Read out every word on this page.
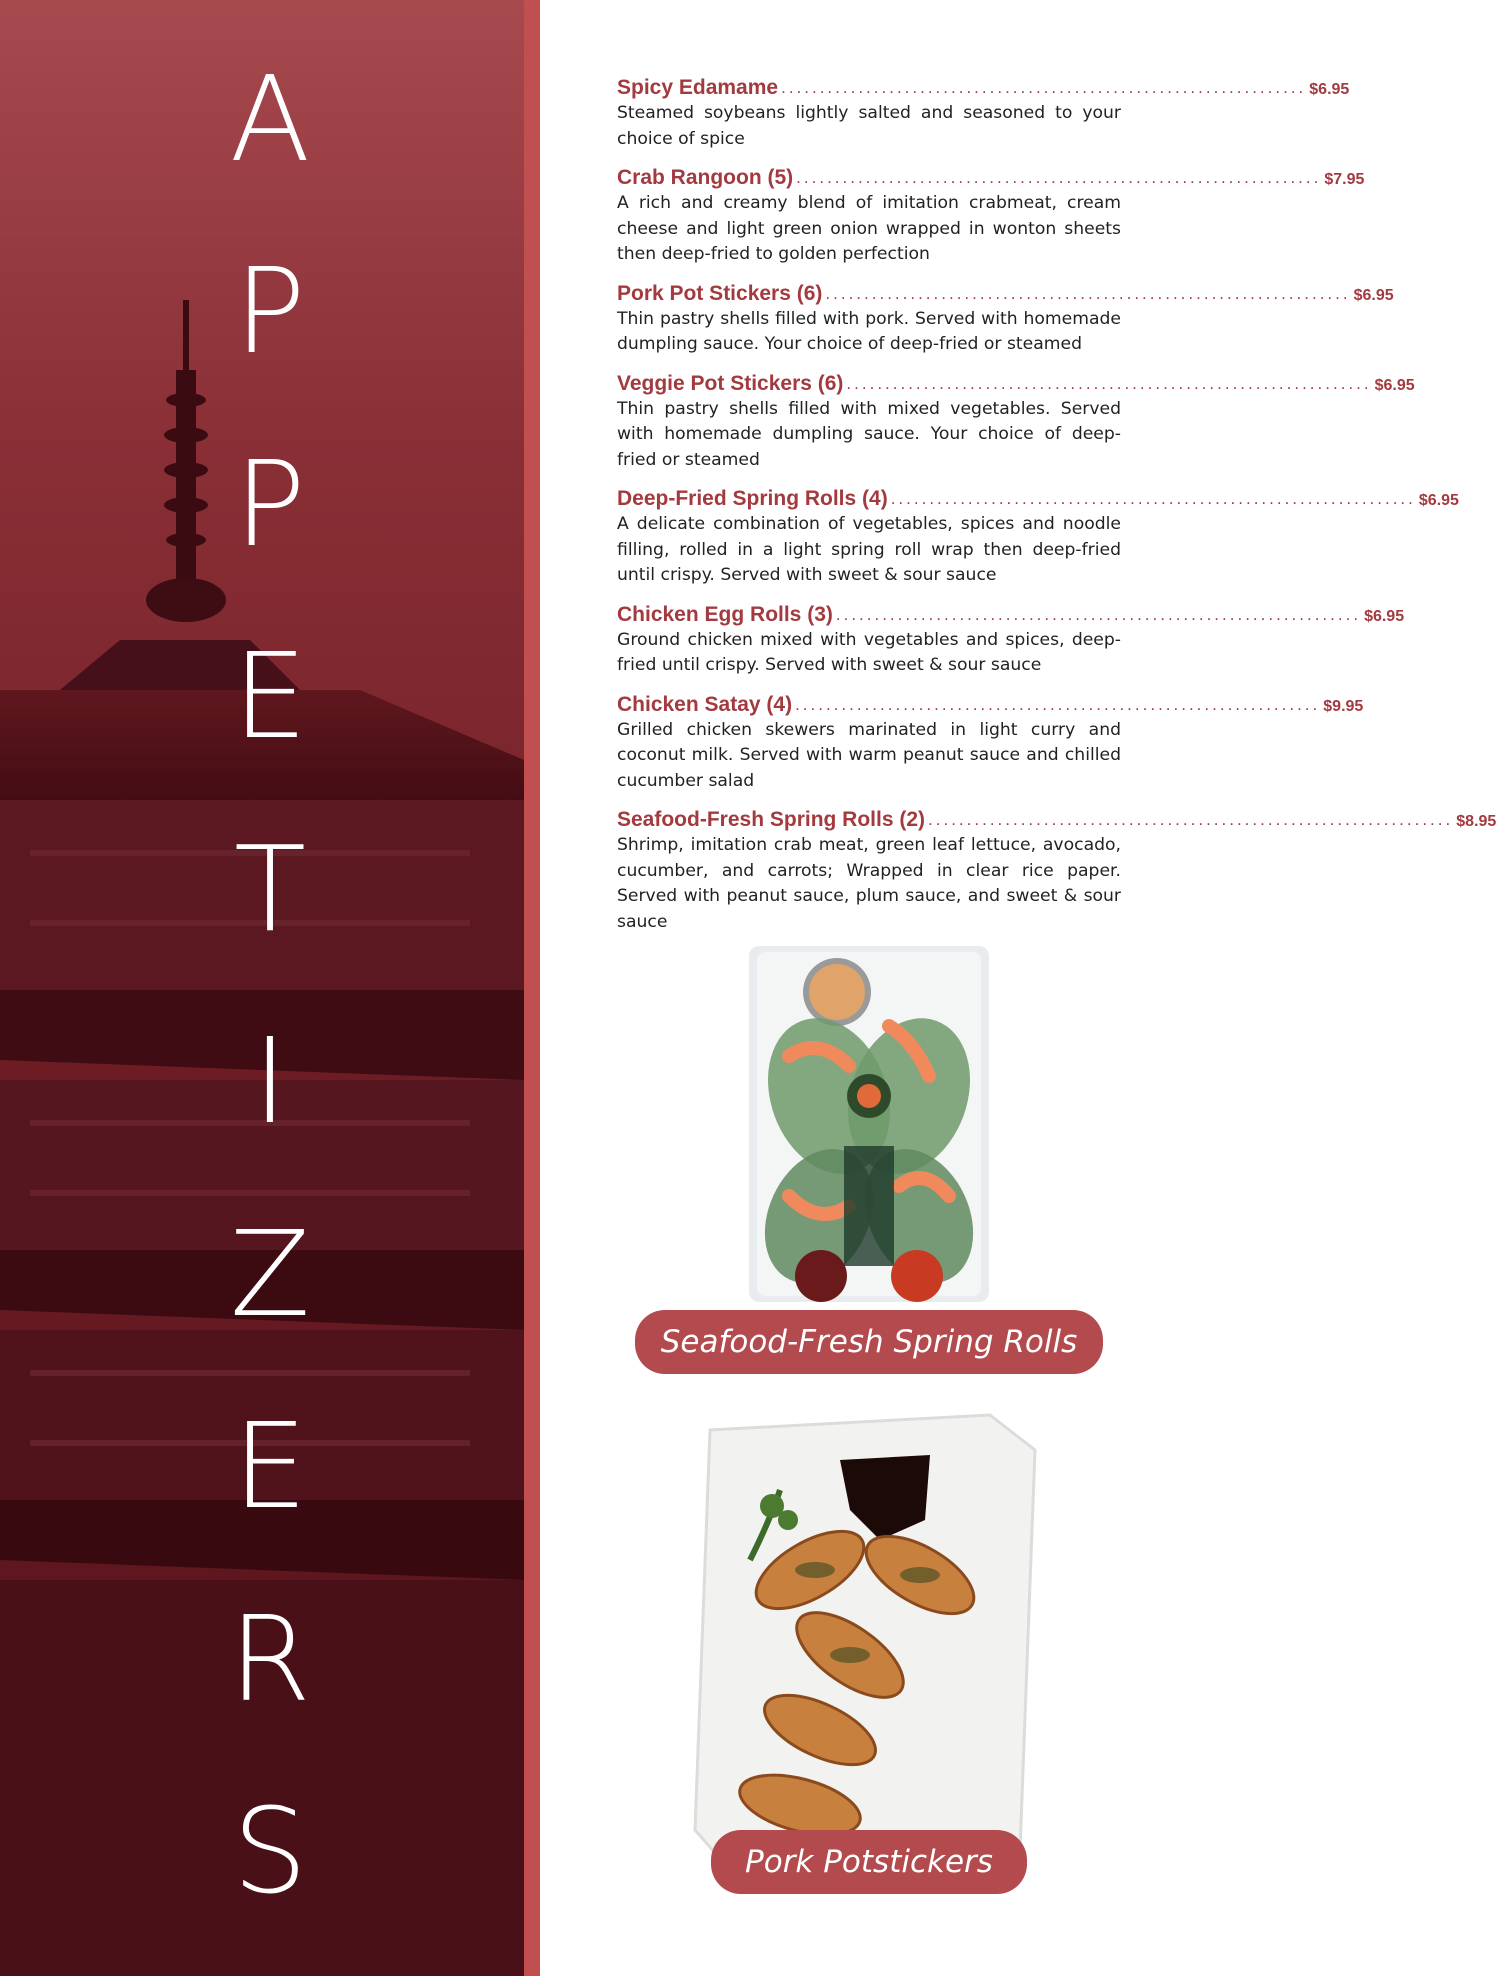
A
P
P
E
T
I
Z
E
R
S
Spicy Edamame .................................................................... $6.95

Steamed soybeans lightly salted and seasoned to your choice of spice

Crab Rangoon (5) .................................................................... $7.95

A rich and creamy blend of imitation crabmeat, cream cheese and light green onion wrapped in wonton sheets then deep-fried to golden perfection

Pork Pot Stickers (6) .................................................................... $6.95

Thin pastry shells filled with pork. Served with homemade dumpling sauce. Your choice of deep-fried or steamed

Veggie Pot Stickers (6) .................................................................... $6.95

Thin pastry shells filled with mixed vegetables. Served with homemade dumpling sauce. Your choice of deep-fried or steamed

Deep-Fried Spring Rolls (4) .................................................................... $6.95

A delicate combination of vegetables, spices and noodle filling, rolled in a light spring roll wrap then deep-fried until crispy. Served with sweet & sour sauce

Chicken Egg Rolls (3) .................................................................... $6.95

Ground chicken mixed with vegetables and spices, deep-fried until crispy. Served with sweet & sour sauce

Chicken Satay (4) .................................................................... $9.95

Grilled chicken skewers marinated in light curry and coconut milk. Served with warm peanut sauce and chilled cucumber salad

Seafood-Fresh Spring Rolls (2) .................................................................... $8.95

Shrimp, imitation crab meat, green leaf lettuce, avocado, cucumber, and carrots; Wrapped in clear rice paper. Served with peanut sauce, plum sauce, and sweet & sour sauce

Seafood-Fresh Spring Rolls
Pork Potstickers
